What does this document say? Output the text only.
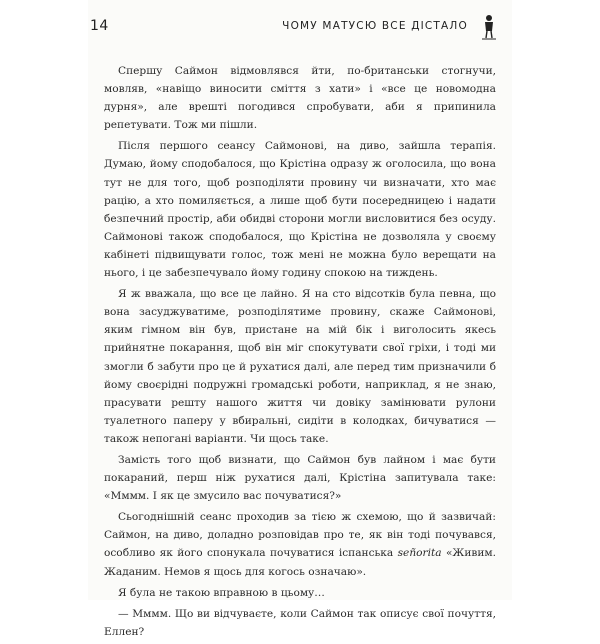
14	ЧОМУ МАТУСЮ ВСЕ ДІСТАЛО

Спершу Саймон відмовлявся йти, по-британськи стогнучи, мовляв, «навіщо виносити сміття з хати» і «все це новомодна дурня», але врешті погодився спробувати, аби я припинила репетувати. Тож ми пішли.

Після першого сеансу Саймонові, на диво, зайшла терапія. Думаю, йому сподобалося, що Крістіна одразу ж оголосила, що вона тут не для того, щоб розподіляти провину чи визначати, хто має рацію, а хто помиляється, а лише щоб бути посередницею і надати безпечний простір, аби обидві сторони могли висловитися без осуду. Саймонові також сподобалося, що Крістіна не дозволяла у своєму кабінеті підвищувати голос, тож мені не можна було верещати на нього, і це забезпечувало йому годину спокою на тиждень.

Я ж вважала, що все це лайно. Я на сто відсотків була певна, що вона засуджуватиме, розподілятиме провину, скаже Саймонові, яким гімном він був, пристане на мій бік і виголосить якесь прийнятне покарання, щоб він міг спокутувати свої гріхи, і тоді ми змогли б забути про це й рухатися далі, але перед тим призначили б йому своєрідні подружні громадські роботи, наприклад, я не знаю, прасувати решту нашого життя чи довіку замінювати рулони туалетного паперу у вбиральні, сидіти в колодках, бичуватися — також непогані варіанти. Чи щось таке.

Замість того щоб визнати, що Саймон був лайном і має бути покараний, перш ніж рухатися далі, Крістіна запитувала таке: «Мммм. І як це змусило вас почуватися?»

Сьогоднішній сеанс проходив за тією ж схемою, що й зазвичай: Саймон, на диво, доладно розповідав про те, як він тоді почувався, особливо як його спонукала почуватися іспанська señorita «Живим. Жаданим. Немов я щось для когось означаю».

Я була не такою вправною в цьому…

— Мммм. Що ви відчуваєте, коли Саймон так описує свої почуття, Еллен?
